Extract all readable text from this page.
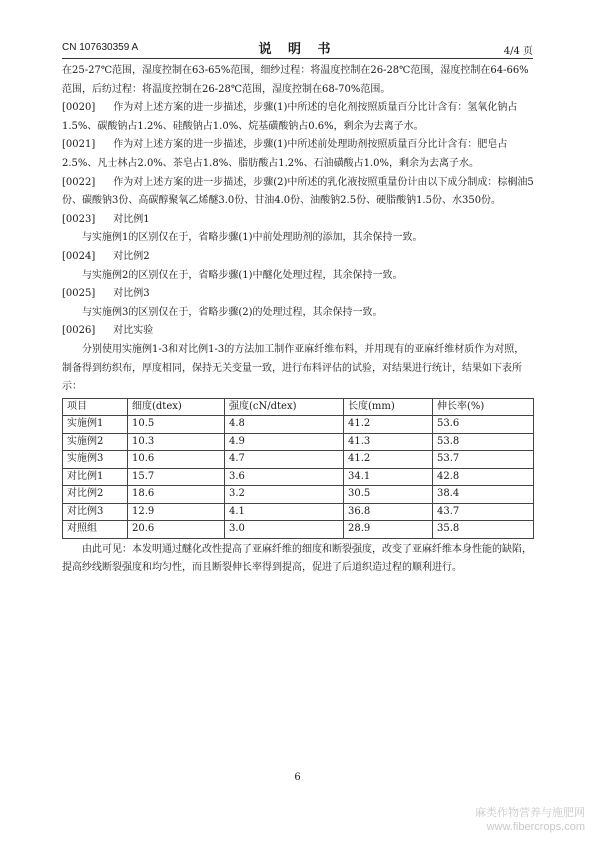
CN 107630359 A	说 明 书	4/4 页

在25-27℃范围，湿度控制在63-65%范围，细纱过程：将温度控制在26-28℃范围，湿度控制在64-66%范围，后纺过程：将温度控制在26-28℃范围，湿度控制在68-70%范围。

[0020] 作为对上述方案的进一步描述，步骤(1)中所述的皂化剂按照质量百分比计含有：氢氧化钠占1.5%、碳酸钠占1.2%、硅酸钠占1.0%、烷基磺酸钠占0.6%，剩余为去离子水。

[0021] 作为对上述方案的进一步描述，步骤(1)中所述前处理助剂按照质量百分比计含有：肥皂占2.5%、凡士林占2.0%、茶皂占1.8%、脂肪酸占1.2%、石油磺酸占1.0%，剩余为去离子水。

[0022] 作为对上述方案的进一步描述，步骤(2)中所述的乳化液按照重量份计由以下成分制成：棕榈油5份、碳酸钠3份、高碳醇聚氧乙烯醚3.0份、甘油4.0份、油酸钠2.5份、硬脂酸钠1.5份、水350份。

[0023] 对比例1

与实施例1的区别仅在于，省略步骤(1)中前处理助剂的添加，其余保持一致。

[0024] 对比例2

与实施例2的区别仅在于，省略步骤(1)中醚化处理过程，其余保持一致。

[0025] 对比例3

与实施例3的区别仅在于，省略步骤(2)的处理过程，其余保持一致。

[0026] 对比实验

分别使用实施例1-3和对比例1-3的方法加工制作亚麻纤维布料，并用现有的亚麻纤维材质作为对照，制备得到纺织布，厚度相同，保持无关变量一致，进行布料评估的试验，对结果进行统计，结果如下表所示：

项目	细度(dtex)	强度(cN/dtex)	长度(mm)	伸长率(%)
实施例1	10.5	4.8	41.2	53.6
实施例2	10.3	4.9	41.3	53.8
实施例3	10.6	4.7	41.2	53.7
对比例1	15.7	3.6	34.1	42.8
对比例2	18.6	3.2	30.5	38.4
对比例3	12.9	4.1	36.8	43.7
对照组	20.6	3.0	28.9	35.8

由此可见：本发明通过醚化改性提高了亚麻纤维的细度和断裂强度，改变了亚麻纤维本身性能的缺陷，提高纱线断裂强度和均匀性，而且断裂伸长率得到提高，促进了后道织造过程的顺利进行。

6
麻类作物营养与施肥网
www.fibercrops.com
